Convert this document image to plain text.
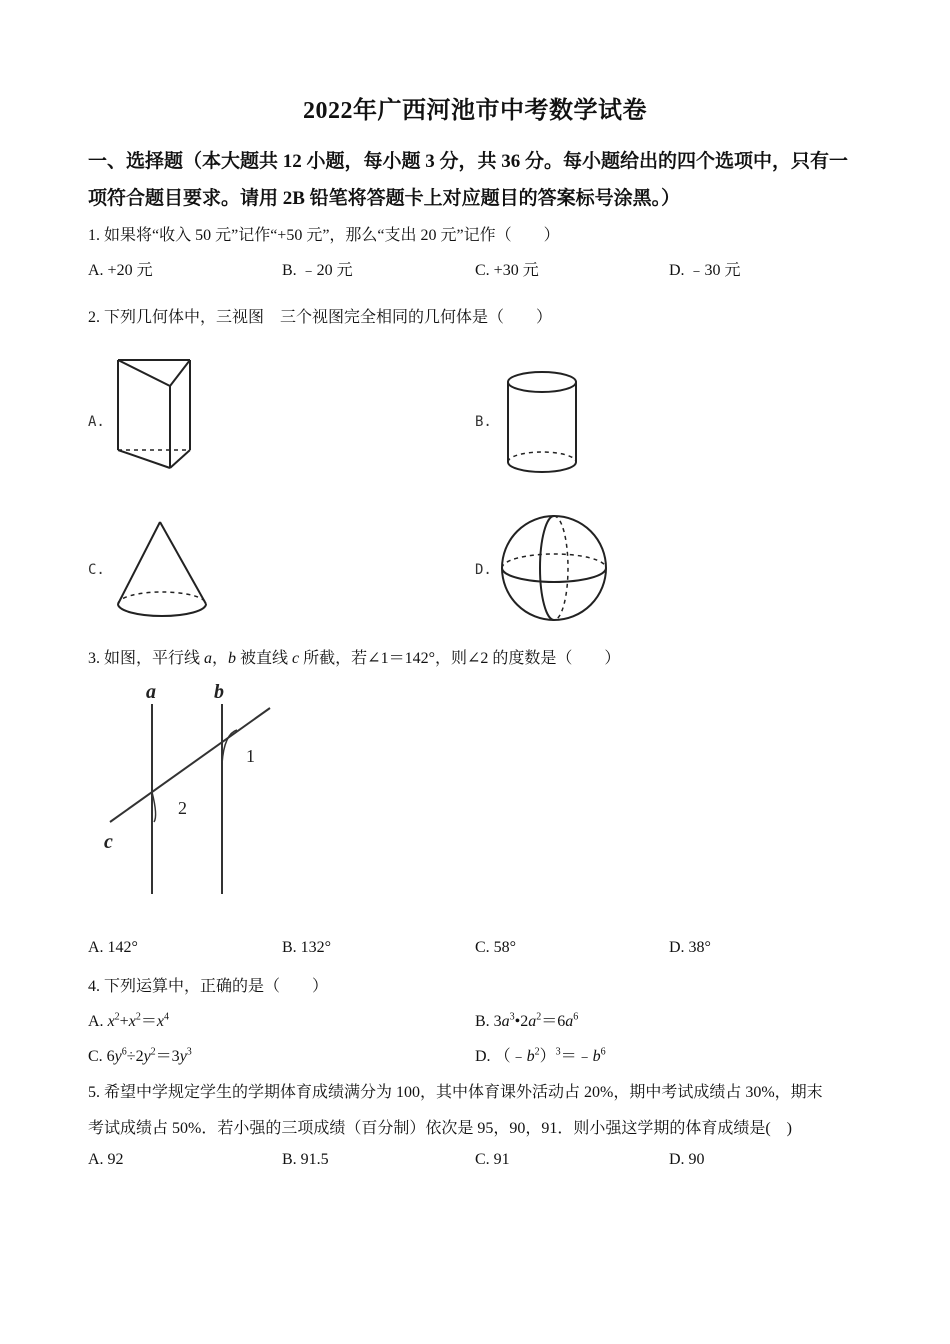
2022年广西河池市中考数学试卷
一、选择题（本大题共 12 小题，每小题 3 分，共 36 分。每小题给出的四个选项中，只有一
项符合题目要求。请用 2B 铅笔将答题卡上对应题目的答案标号涂黑。）
1. 如果将“收入 50 元”记作“+50 元”，那么“支出 20 元”记作（　　）
A. +20 元	B. ﹣20 元	C. +30 元	D. ﹣30 元
2. 下列几何体中，三视图　三个视图完全相同的几何体是（　　）
A.	B.
C.	D.
3. 如图，平行线 a，b 被直线 c 所截，若∠1＝142°，则∠2 的度数是（　　）
a	b
c
1
2
A. 142°	B. 132°	C. 58°	D. 38°
4. 下列运算中，正确的是（　　）
A. $x^2+x^2=x^4$	B. $3a^3•2a^2=6a^6$
C. $6y^6\div 2y^2=3y^3$	D. $(﹣b^2)^3=﹣b^6$
5. 希望中学规定学生的学期体育成绩满分为 100，其中体育课外活动占 20%，期中考试成绩占 30%，期末
考试成绩占 50%．若小强的三项成绩（百分制）依次是 95，90，91．则小强这学期的体育成绩是(　)
A. 92	B. 91.5	C. 91	D. 90
